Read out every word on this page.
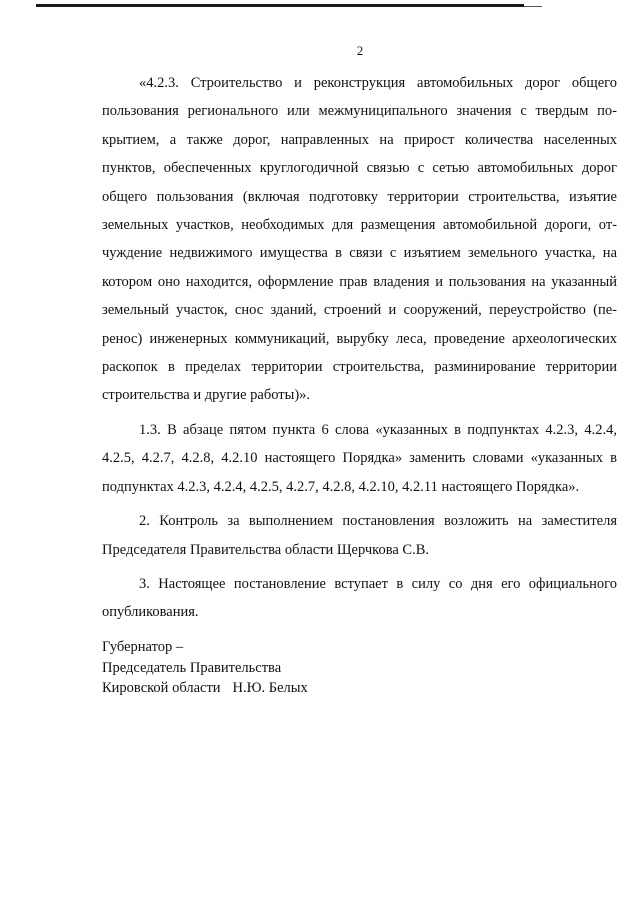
2

«4.2.3. Строительство и реконструкция автомобильных дорог общего пользования регионального или межмуниципального значения с твердым покрытием, а также дорог, направленных на прирост количества населенных пунктов, обеспеченных круглогодичной связью с сетью автомобильных дорог общего пользования (включая подготовку территории строительства, изъятие земельных участков, необходимых для размещения автомобильной дороги, отчуждение недвижимого имущества в связи с изъятием земельного участка, на котором оно находится, оформление прав владения и пользования на указанный земельный участок, снос зданий, строений и сооружений, переустройство (перенос) инженерных коммуникаций, вырубку леса, проведение археологических раскопок в пределах территории строительства, разминирование территории строительства и другие работы)».

1.3. В абзаце пятом пункта 6 слова «указанных в подпунктах 4.2.3, 4.2.4, 4.2.5, 4.2.7, 4.2.8, 4.2.10 настоящего Порядка» заменить словами «указанных в подпунктах 4.2.3, 4.2.4, 4.2.5, 4.2.7, 4.2.8, 4.2.10, 4.2.11 настоящего Порядка».

2. Контроль за выполнением постановления возложить на заместителя Председателя Правительства области Щерчкова С.В.

3. Настоящее постановление вступает в силу со дня его официального опубликования.

Губернатор –
Председатель Правительства
Кировской области Н.Ю. Белых
